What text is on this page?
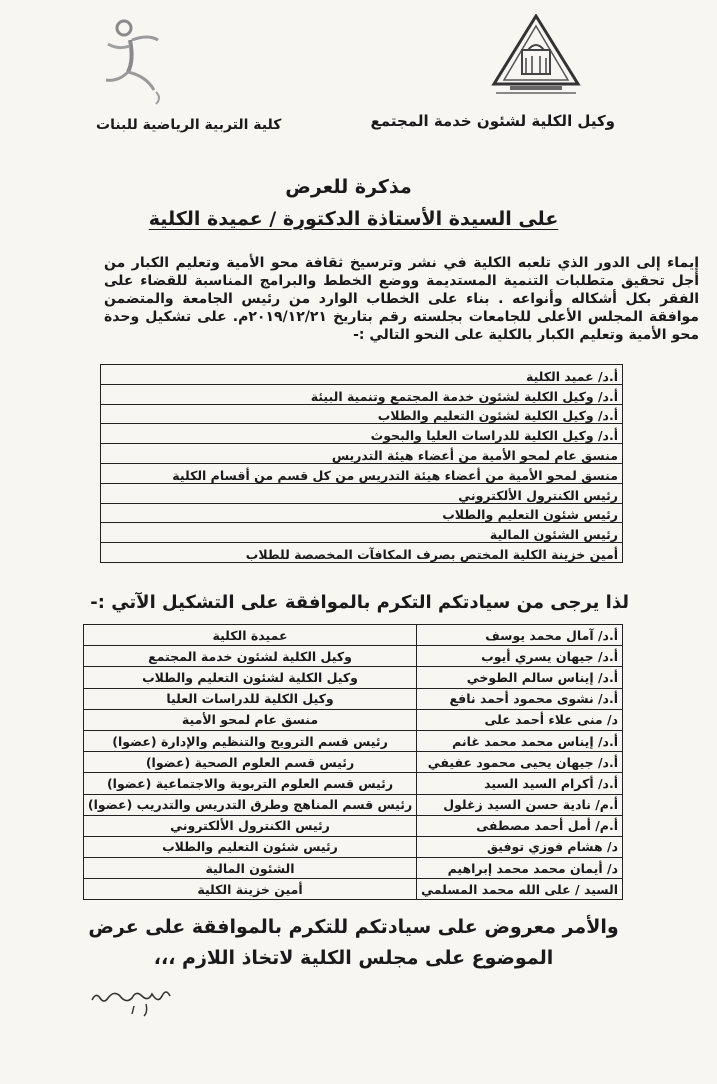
وكيل الكلية لشئون خدمة المجتمع
كلية التربية الرياضية للبنات
مذكرة للعرض
على السيدة الأستاذة الدكتورة / عميدة الكلية
إيماء إلى الدور الذي تلعبه الكلية في نشر وترسيخ ثقافة محو الأمية وتعليم الكبار من أجل تحقيق متطلبات التنمية المستديمة ووضع الخطط والبرامج المناسبة للقضاء على الفقر بكل أشكاله وأنواعه . بناء على الخطاب الوارد من رئيس الجامعة والمتضمن موافقة المجلس الأعلى للجامعات بجلسته رقم بتاريخ ٢٠١٩/١٢/٢١م. على تشكيل وحدة محو الأمية وتعليم الكبار بالكلية على النحو التالي :-
أ.د/ عميد الكلية
أ.د/ وكيل الكلية لشئون خدمة المجتمع وتنمية البيئة
أ.د/ وكيل الكلية لشئون التعليم والطلاب
أ.د/ وكيل الكلية للدراسات العليا والبحوث
منسق عام لمحو الأمية من أعضاء هيئة التدريس
منسق لمحو الأمية من أعضاء هيئة التدريس من كل قسم من أقسام الكلية
رئيس الكنترول الألكتروني
رئيس شئون التعليم والطلاب
رئيس الشئون المالية
أمين خزينة الكلية المختص بصرف المكافآت المخصصة للطلاب
لذا يرجى من سيادتكم التكرم بالموافقة على التشكيل الآتي :-
أ.د/ آمال محمد يوسف	عميدة الكلية
أ.د/ جيهان يسري أيوب	وكيل الكلية لشئون خدمة المجتمع
أ.د/ إيناس سالم الطوخي	وكيل الكلية لشئون التعليم والطلاب
أ.د/ نشوى محمود أحمد نافع	وكيل الكلية للدراسات العليا
د/ منى علاء أحمد على	منسق عام لمحو الأمية
أ.د/ إيناس محمد محمد غانم	رئيس قسم الترويح والتنظيم والإدارة (عضوا)
أ.د/ جيهان يحيى محمود عفيفي	رئيس قسم العلوم الصحية (عضوا)
أ.د/ أكرام السيد السيد	رئيس قسم العلوم التربوية والاجتماعية (عضوا)
أ.م/ نادية حسن السيد زغلول	رئيس قسم المناهج وطرق التدريس والتدريب (عضوا)
أ.م/ أمل أحمد مصطفى	رئيس الكنترول الألكتروني
د/ هشام فوزي توفيق	رئيس شئون التعليم والطلاب
د/ أيمان محمد محمد إبراهيم	الشئون المالية
السيد / على الله محمد المسلمي	أمين خزينة الكلية
والأمر معروض على سيادتكم للتكرم بالموافقة على عرض
الموضوع على مجلس الكلية لاتخاذ اللازم ،،،
